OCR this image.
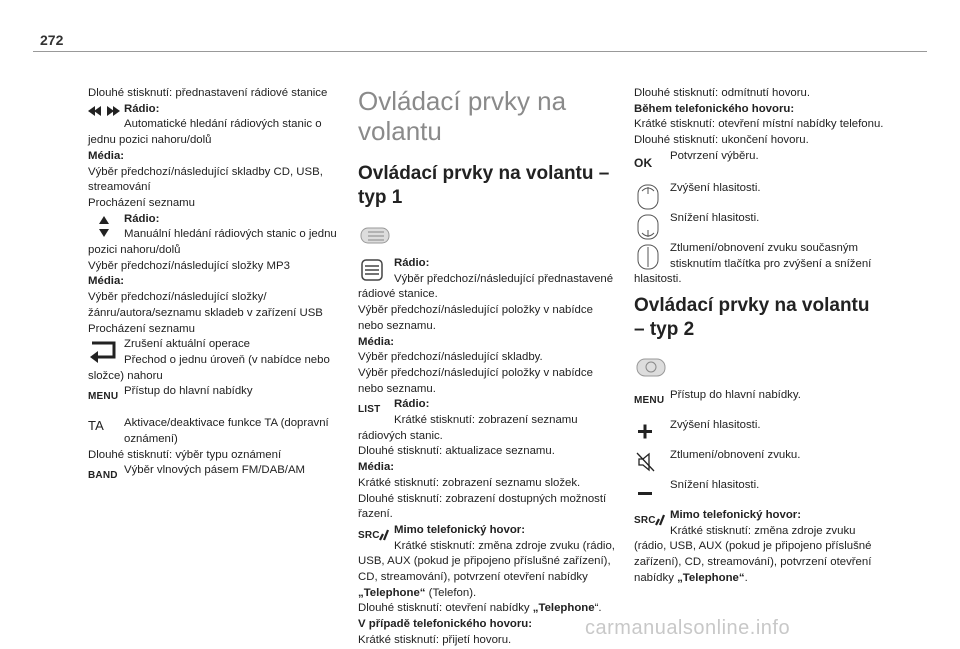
272

Dlouhé stisknutí: přednastavení rádiové stanice

Rádio:

Automatické hledání rádiových stanic o jednu pozici nahoru/dolů

Média:

Výběr předchozí/následující skladby CD, USB, streamování

Procházení seznamu

Rádio:

Manuální hledání rádiových stanic o jednu pozici nahoru/dolů

Výběr předchozí/následující složky MP3

Média:

Výběr předchozí/následující složky/žánru/autora/seznamu skladeb v zařízení USB

Procházení seznamu

Zrušení aktuální operace

Přechod o jednu úroveň (v nabídce nebo složce) nahoru

MENU Přístup do hlavní nabídky

TA	Aktivace/deaktivace funkce TA (dopravní oznámení)

Dlouhé stisknutí: výběr typu oznámení

BAND Výběr vlnových pásem FM/DAB/AM

Ovládací prvky na volantu
Ovládací prvky na volantu – typ 1

Rádio:

Výběr předchozí/následující přednastavené rádiové stanice.

Výběr předchozí/následující položky v nabídce nebo seznamu.

Média:

Výběr předchozí/následující skladby.

Výběr předchozí/následující položky v nabídce nebo seznamu.

LIST	Rádio:

Krátké stisknutí: zobrazení seznamu rádiových stanic.

Dlouhé stisknutí: aktualizace seznamu.

Média:

Krátké stisknutí: zobrazení seznamu složek.

Dlouhé stisknutí: zobrazení dostupných možností řazení.

SRC	Mimo telefonický hovor:

Krátké stisknutí: změna zdroje zvuku (rádio, USB, AUX (pokud je připojeno příslušné zařízení), CD, streamování), potvrzení otevření nabídky „Telephone“ (Telefon).

Dlouhé stisknutí: otevření nabídky „Telephone“.

V případě telefonického hovoru:

Krátké stisknutí: přijetí hovoru.

Dlouhé stisknutí: odmítnutí hovoru.

Během telefonického hovoru:

Krátké stisknutí: otevření místní nabídky telefonu.

Dlouhé stisknutí: ukončení hovoru.

OK	Potvrzení výběru.

Zvýšení hlasitosti.

Snížení hlasitosti.

Ztlumení/obnovení zvuku současným stisknutím tlačítka pro zvýšení a snížení hlasitosti.

Ovládací prvky na volantu – typ 2
MENU Přístup do hlavní nabídky.

Zvýšení hlasitosti.

Ztlumení/obnovení zvuku.

Snížení hlasitosti.

SRC	Mimo telefonický hovor:

Krátké stisknutí: změna zdroje zvuku (rádio, USB, AUX (pokud je připojeno příslušné zařízení), CD, streamování), potvrzení otevření nabídky „Telephone“.

carmanualsonline.info
